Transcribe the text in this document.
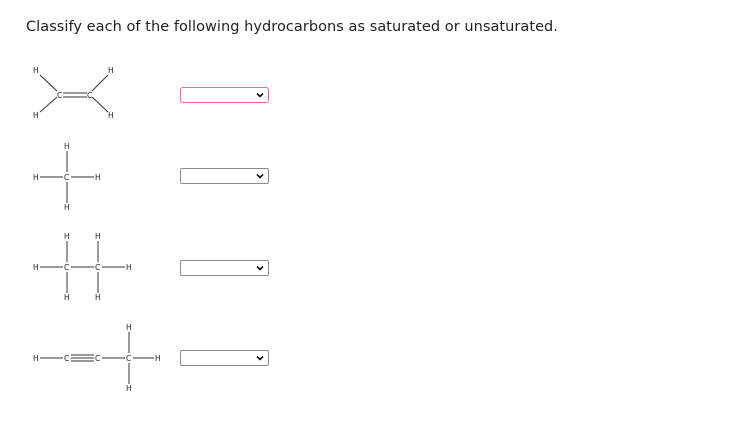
Classify each of the following hydrocarbons as saturated or unsaturated.
H
H
C	C
H
H
H
H	C	H
H
H	H
H	C	C	H
H	H
H
H	C	C	C	H
H
